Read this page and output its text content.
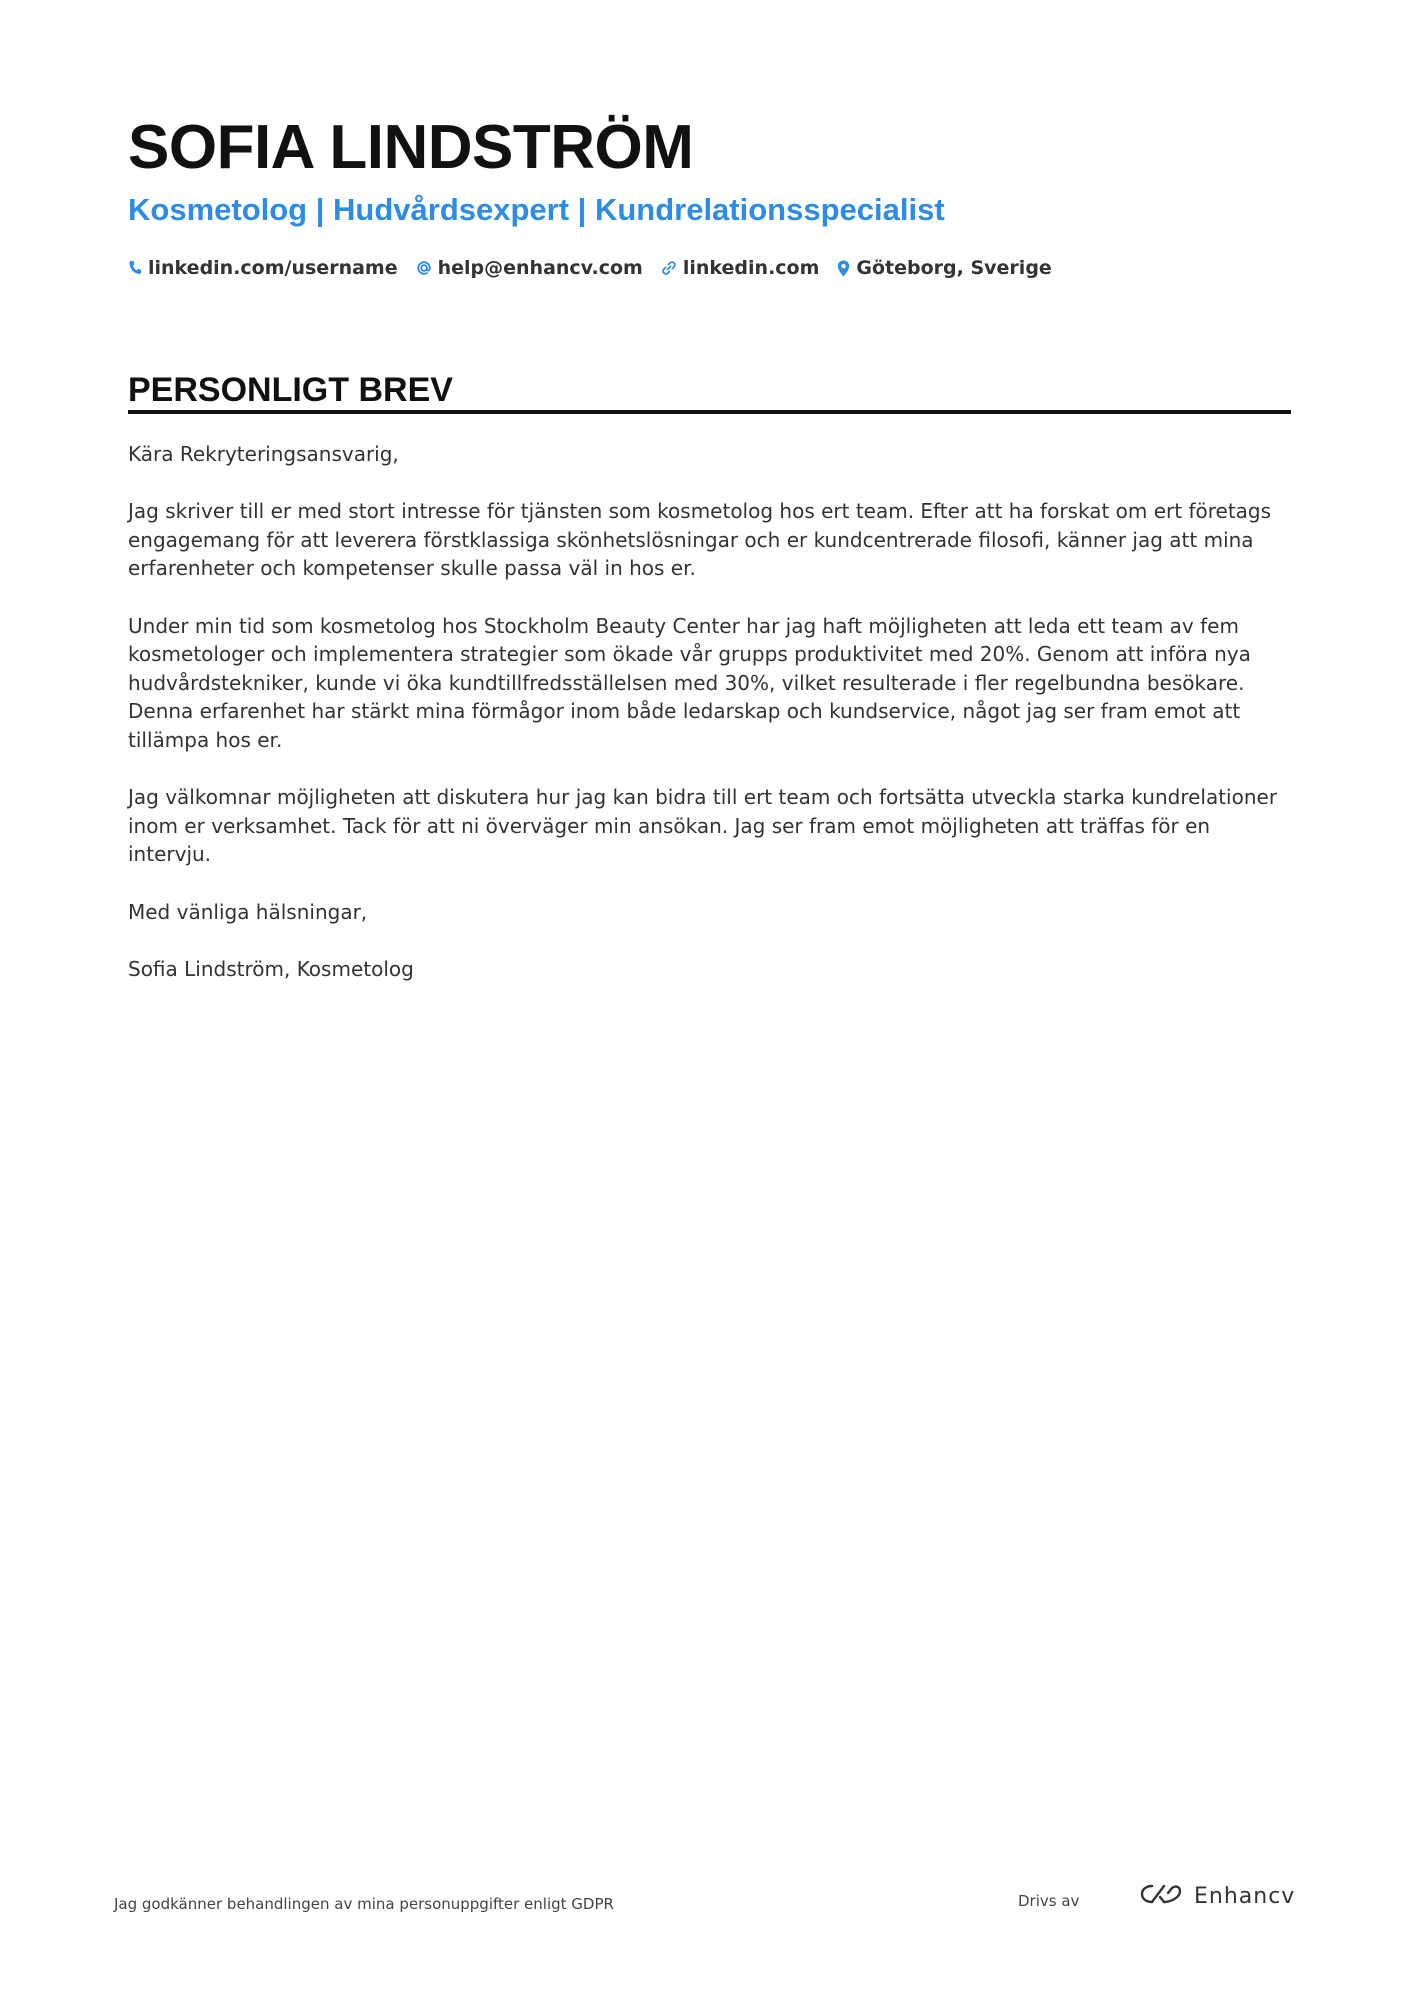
SOFIA LINDSTRÖM
Kosmetolog | Hudvårdsexpert | Kundrelationsspecialist
linkedin.com/username help@enhancv.com linkedin.com Göteborg, Sverige
PERSONLIGT BREV

Kära Rekryteringsansvarig,

Jag skriver till er med stort intresse för tjänsten som kosmetolog hos ert team. Efter att ha forskat om ert företags engagemang för att leverera förstklassiga skönhetslösningar och er kundcentrerade filosofi, känner jag att mina erfarenheter och kompetenser skulle passa väl in hos er.

Under min tid som kosmetolog hos Stockholm Beauty Center har jag haft möjligheten att leda ett team av fem kosmetologer och implementera strategier som ökade vår grupps produktivitet med 20%. Genom att införa nya hudvårdstekniker, kunde vi öka kundtillfredsställelsen med 30%, vilket resulterade i fler regelbundna besökare. Denna erfarenhet har stärkt mina förmågor inom både ledarskap och kundservice, något jag ser fram emot att tillämpa hos er.

Jag välkomnar möjligheten att diskutera hur jag kan bidra till ert team och fortsätta utveckla starka kundrelationer inom er verksamhet. Tack för att ni överväger min ansökan. Jag ser fram emot möjligheten att träffas för en intervju.

Med vänliga hälsningar,

Sofia Lindström, Kosmetolog

Jag godkänner behandlingen av mina personuppgifter enligt GDPR	Drivs av	Enhancv
